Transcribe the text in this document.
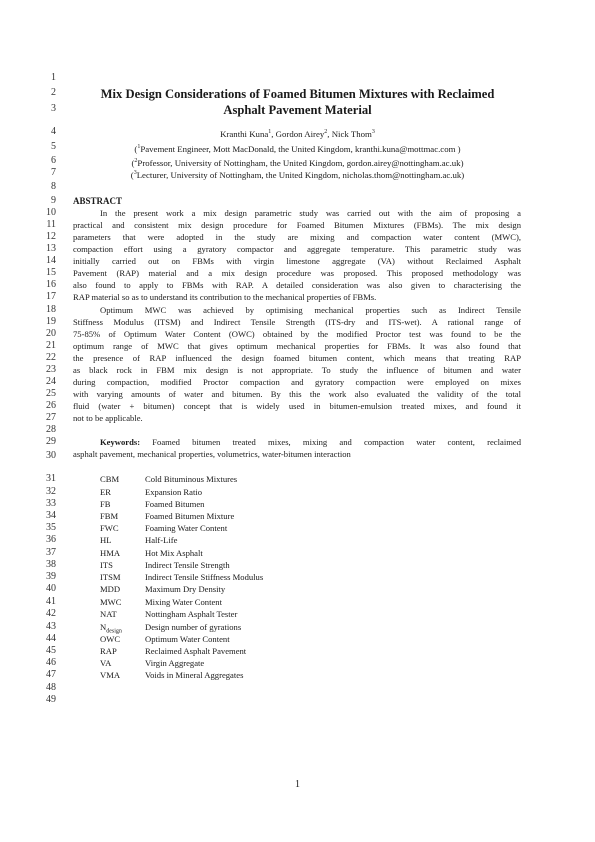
1
2
3
4
5
6
7
8
9
10
11
12
13
14
15
16
17
18
19
20
21
22
23
24
25
26
27
28
29
30
31
32
33
34
35
36
37
38
39
40
41
42
43
44
45
46
47
48
49
Mix Design Considerations of Foamed Bitumen Mixtures with Reclaimed
Asphalt Pavement Material
Kranthi Kuna$^1$, Gordon Airey$^2$, Nick Thom$^3$
($^1$Pavement Engineer, Mott MacDonald, the United Kingdom, kranthi.kuna@mottmac.com )
($^2$Professor, University of Nottingham, the United Kingdom, gordon.airey@nottingham.ac.uk)
($^3$Lecturer, University of Nottingham, the United Kingdom, nicholas.thom@nottingham.ac.uk)
ABSTRACT
In the present work a mix design parametric study was carried out with the aim of proposing a
practical and consistent mix design procedure for Foamed Bitumen Mixtures (FBMs). The mix design
parameters that were adopted in the study are mixing and compaction water content (MWC),
compaction effort using a gyratory compactor and aggregate temperature. This parametric study was
initially carried out on FBMs with virgin limestone aggregate (VA) without Reclaimed Asphalt
Pavement (RAP) material and a mix design procedure was proposed. This proposed methodology was
also found to apply to FBMs with RAP. A detailed consideration was also given to characterising the
RAP material so as to understand its contribution to the mechanical properties of FBMs.
Optimum MWC was achieved by optimising mechanical properties such as Indirect Tensile
Stiffness Modulus (ITSM) and Indirect Tensile Strength (ITS-dry and ITS-wet). A rational range of
75-85% of Optimum Water Content (OWC) obtained by the modified Proctor test was found to be the
optimum range of MWC that gives optimum mechanical properties for FBMs. It was also found that
the presence of RAP influenced the design foamed bitumen content, which means that treating RAP
as black rock in FBM mix design is not appropriate. To study the influence of bitumen and water
during compaction, modified Proctor compaction and gyratory compaction were employed on mixes
with varying amounts of water and bitumen. By this the work also evaluated the validity of the total
fluid (water + bitumen) concept that is widely used in bitumen-emulsion treated mixes, and found it
not to be applicable.
Keywords: Foamed bitumen treated mixes, mixing and compaction water content, reclaimed
asphalt pavement, mechanical properties, volumetrics, water-bitumen interaction
CBM	Cold Bituminous Mixtures
ER	Expansion Ratio
FB	Foamed Bitumen
FBM	Foamed Bitumen Mixture
FWC	Foaming Water Content
HL	Half-Life
HMA	Hot Mix Asphalt
ITS	Indirect Tensile Strength
ITSM	Indirect Tensile Stiffness Modulus
MDD	Maximum Dry Density
MWC	Mixing Water Content
NAT	Nottingham Asphalt Tester
$N_{design}$	Design number of gyrations
OWC	Optimum Water Content
RAP	Reclaimed Asphalt Pavement
VA	Virgin Aggregate
VMA	Voids in Mineral Aggregates
1
